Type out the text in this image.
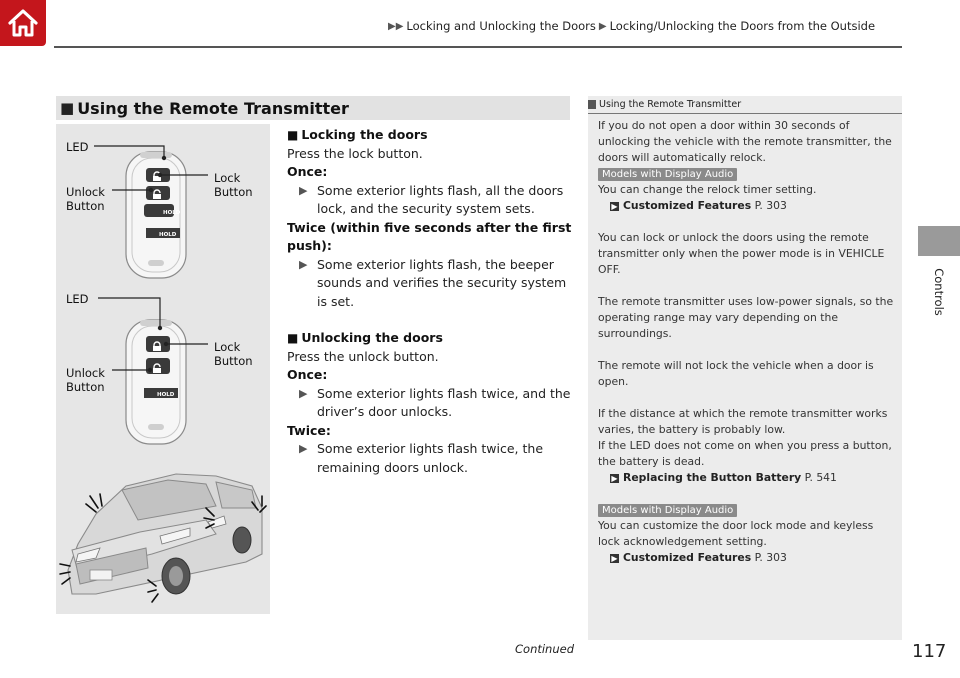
▶▶ Locking and Unlocking the Doors ▶ Locking/Unlocking the Doors from the Outside
Controls
■ Using the Remote Transmitter
HOLD
HOLD
HOLD
LED
Unlock
Button
Lock
Button
LED
Unlock
Button
Lock
Button
■ Locking the doors
Press the lock button.
Once:
▶ Some exterior lights flash, all the doors lock, and the security system sets.
Twice (within five seconds after the first push):
▶ Some exterior lights flash, the beeper sounds and verifies the security system is set.
■ Unlocking the doors
Press the unlock button.
Once:
▶ Some exterior lights flash twice, and the driver’s door unlocks.
Twice:
▶ Some exterior lights flash twice, the remaining doors unlock.
Using the Remote Transmitter
If you do not open a door within 30 seconds of unlocking the vehicle with the remote transmitter, the doors will automatically relock.
Models with Display Audio
You can change the relock timer setting.
▶ Customized Features P. 303
You can lock or unlock the doors using the remote transmitter only when the power mode is in VEHICLE OFF.
The remote transmitter uses low-power signals, so the operating range may vary depending on the surroundings.
The remote will not lock the vehicle when a door is open.
If the distance at which the remote transmitter works varies, the battery is probably low.
If the LED does not come on when you press a button, the battery is dead.
▶ Replacing the Button Battery P. 541
Models with Display Audio
You can customize the door lock mode and keyless lock acknowledgement setting.
▶ Customized Features P. 303
Continued	117
